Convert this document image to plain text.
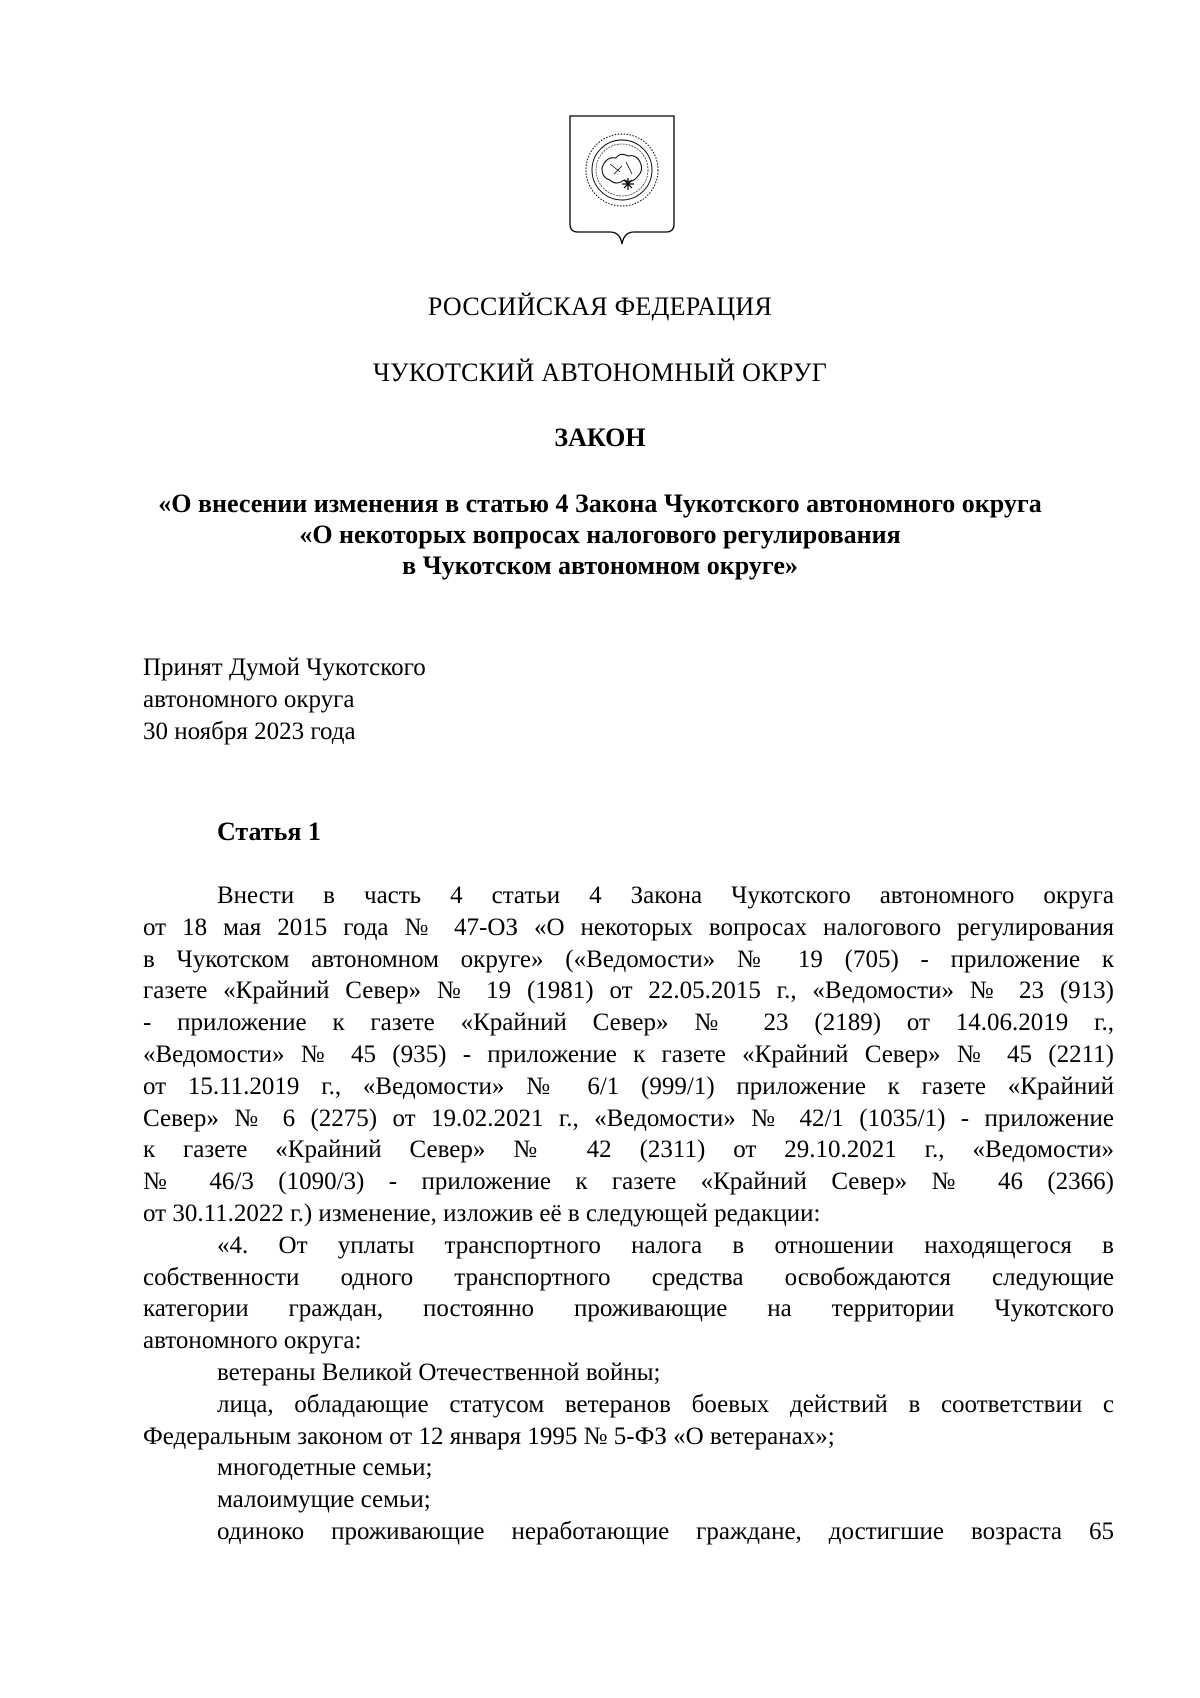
РОССИЙСКАЯ ФЕДЕРАЦИЯ
ЧУКОТСКИЙ АВТОНОМНЫЙ ОКРУГ
ЗАКОН
«О внесении изменения в статью 4 Закона Чукотского автономного округа
«О некоторых вопросах налогового регулирования
в Чукотском автономном округе»
Принят Думой Чукотского
автономного округа
30 ноября 2023 года
Статья 1
Внести в часть 4 статьи 4 Закона Чукотского автономного округа
от 18 мая 2015 года № 47-ОЗ «О некоторых вопросах налогового регулирования
в Чукотском автономном округе» («Ведомости» № 19 (705) - приложение к
газете «Крайний Север» № 19 (1981) от 22.05.2015 г., «Ведомости» № 23 (913)
- приложение к газете «Крайний Север» № 23 (2189) от 14.06.2019 г.,
«Ведомости» № 45 (935) - приложение к газете «Крайний Север» № 45 (2211)
от 15.11.2019 г., «Ведомости» № 6/1 (999/1) приложение к газете «Крайний
Север» № 6 (2275) от 19.02.2021 г., «Ведомости» № 42/1 (1035/1) - приложение
к газете «Крайний Север» № 42 (2311) от 29.10.2021 г., «Ведомости»
№ 46/3 (1090/3) - приложение к газете «Крайний Север» № 46 (2366)
от 30.11.2022 г.) изменение, изложив её в следующей редакции:
«4. От уплаты транспортного налога в отношении находящегося в
собственности одного транспортного средства освобождаются следующие
категории граждан, постоянно проживающие на территории Чукотского
автономного округа:
ветераны Великой Отечественной войны;
лица, обладающие статусом ветеранов боевых действий в соответствии с
Федеральным законом от 12 января 1995 № 5-ФЗ «О ветеранах»;
многодетные семьи;
малоимущие семьи;
одиноко проживающие неработающие граждане, достигшие возраста 65
